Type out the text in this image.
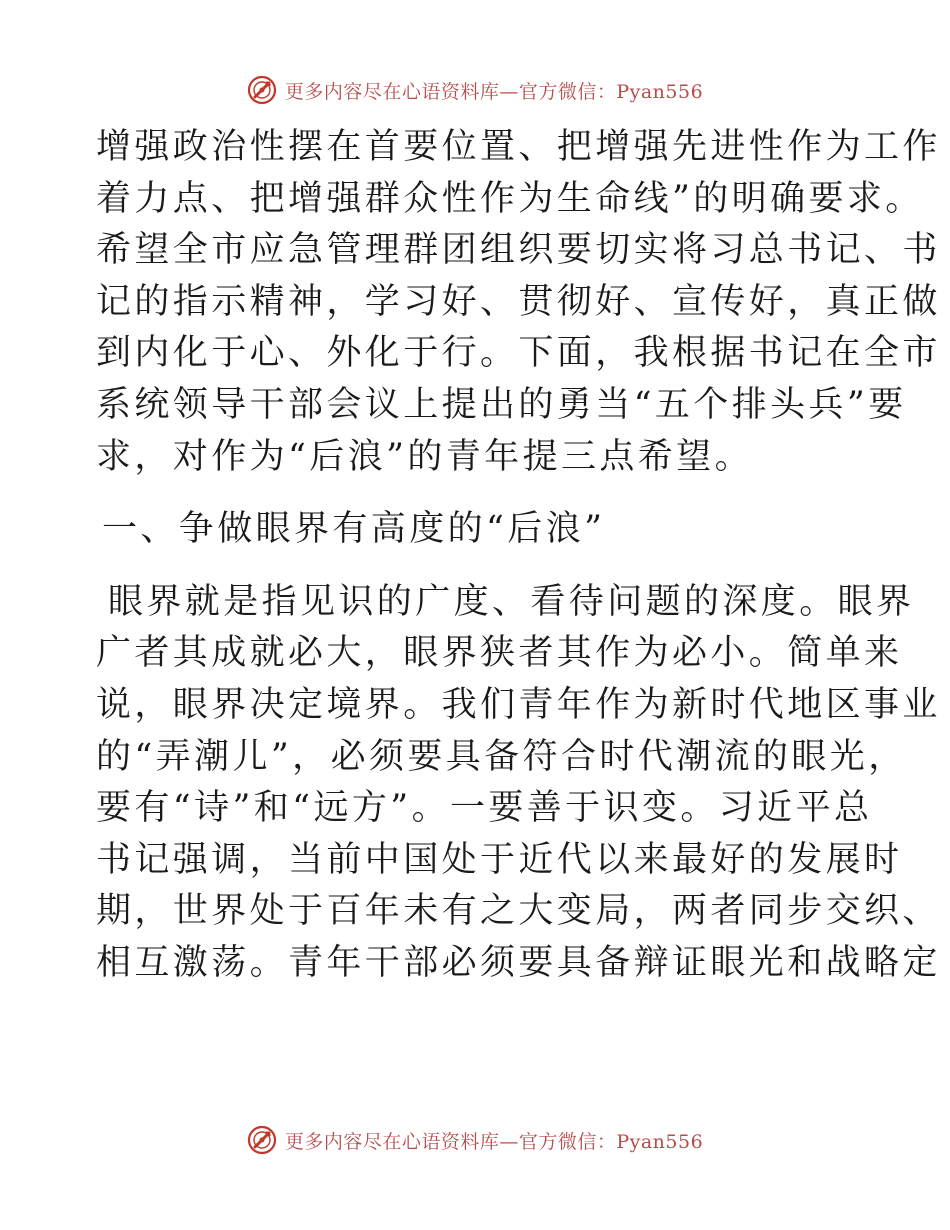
更多内容尽在心语资料库—官方微信：Pyan556

增强政治性摆在首要位置、把增强先进性作为工作
着力点、把增强群众性作为生命线”的明确要求。
希望全市应急管理群团组织要切实将习总书记、书
记的指示精神，学习好、贯彻好、宣传好，真正做
到内化于心、外化于行。下面，我根据书记在全市
系统领导干部会议上提出的勇当“五个排头兵”要
求，对作为“后浪”的青年提三点希望。

一、争做眼界有高度的“后浪”

眼界就是指见识的广度、看待问题的深度。眼界
广者其成就必大，眼界狭者其作为必小。简单来
说，眼界决定境界。我们青年作为新时代地区事业
的“弄潮儿”，必须要具备符合时代潮流的眼光，
要有“诗”和“远方”。一要善于识变。习近平总
书记强调，当前中国处于近代以来最好的发展时
期，世界处于百年未有之大变局，两者同步交织、
相互激荡。青年干部必须要具备辩证眼光和战略定

更多内容尽在心语资料库—官方微信：Pyan556
